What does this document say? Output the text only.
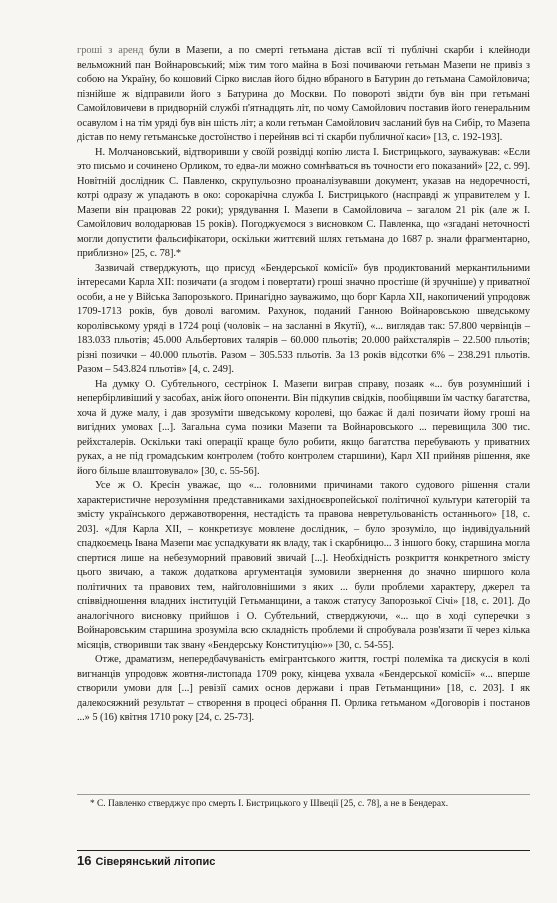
гроші з аренд були в Мазепи, а по смерті гетьмана дістав всії ті публічні скарби і клейноди вельможний пан Войнаровський; між тим того майна в Бозі почиваючи гетьман Мазепи не привіз з собою на Україну, бо кошовий Сірко вислав його бідно вбраного в Батурин до гетьмана Самойловича; пізнійше ж відправили його з Батурина до Москви. По повороті звідти був він при гетьмані Самойловичеви в придворній службі п'ятнадцять літ, по чому Самойлович поставив його генеральним осавулом і на тім уряді був він шість літ; а коли гетьман Самойлович засланий був на Сибір, то Мазепа дістав по нему гетьманське достоїнство і перейняв всі ті скарби публичної каси» [13, с. 192-193].

Н. Молчановський, відтворивши у своїй розвідці копію листа І. Бистрицького, зауважував: «Если это письмо и сочинено Орликом, то едва-ли можно сомнѣваться въ точности его показаний» [22, с. 99]. Новітній дослідник С. Павленко, скрупульозно проаналізувавши документ, указав на недоречності, котрі одразу ж упадають в око: сорокарічна служба І. Бистрицького (насправді ж управителем у І. Мазепи він працював 22 роки); урядування І. Мазепи в Самойловича – загалом 21 рік (але ж І. Самойлович володарював 15 років). Погоджуємося з висновком С. Павленка, що «згадані неточності могли допустити фальсифікатори, оскільки життєвий шлях гетьмана до 1687 р. знали фрагментарно, приблизно» [25, с. 78].*

Зазвичай стверджують, що присуд «Бендерської комісії» був продиктований меркантильними інтересами Карла ХІІ: позичати (а згодом і повертати) гроші значно простіше (й зручніше) у приватної особи, а не у Війська Запорозького. Принагідно зауважимо, що борг Карла ХІІ, накопичений упродовж 1709-1713 років, був доволі вагомим. Рахунок, поданий Ганною Войнаровською шведському королівському уряді в 1724 році (чоловік – на засланні в Якутії), «... виглядав так: 57.800 червінців – 183.033 пльотів; 45.000 Альбертових талярів – 60.000 пльотів; 20.000 райхсталярів – 22.500 пльотів; різні позички – 40.000 пльотів. Разом – 305.533 пльотів. За 13 років відсотки 6% – 238.291 пльотів. Разом – 543.824 пльотів» [4, с. 249].

На думку О. Субтельного, сестрінок І. Мазепи виграв справу, позаяк «... був розумніший і непербірливіший у засобах, аніж його опоненти. Він підкупив свідків, пообіцявши їм частку багатства, хоча й дуже малу, і дав зрозуміти шведському королеві, що бажає й далі позичати йому гроші на вигідних умовах [...]. Загальна сума позики Мазепи та Войнаровського ... перевищила 300 тис. рейхсталерів. Оскільки такі операції краще було робити, якщо багатства перебувають у приватних руках, а не під громадським контролем (тобто контролем старшини), Карл ХІІ прийняв рішення, яке його більше влаштовувало» [30, с. 55-56].

Усе ж О. Кресін уважає, що «... головними причинами такого судового рішення стали характеристичне нерозуміння представниками західноєвропейської політичної культури категорій та змісту українського державотворення, нестадість та правова невретульованість останнього» [18, с. 203]. «Для Карла ХІІ, – конкретизує мовлене дослідник, – було зрозуміло, що індивідуальний спадкоємець Івана Мазепи має успадкувати як владу, так і скарбницю... З іншого боку, старшина могла спертися лише на небезуморний правовий звичай [...]. Необхідність розкриття конкретного змісту цього звичаю, а також додаткова аргументація зумовили звернення до значно ширшого кола політичних та правових тем, найголовнішими з яких ... були проблеми характеру, джерел та співвідношення владних інституцій Гетьманщини, а також статусу Запорозької Січі» [18, с. 201]. До аналогічного висновку прийшов і О. Субтельний, стверджуючи, «... що в ході суперечки з Войнаровським старшина зрозуміла всю складність проблеми й спробувала розв'язати її через кілька місяців, створивши так звану «Бендерську Конституцію»» [30, с. 54-55].

Отже, драматизм, непередбачуваність емігрантського життя, гострі полеміка та дискусія в колі вигнанців упродовж жовтня-листопада 1709 року, кінцева ухвала «Бендерської комісії» «... вперше створили умови для [...] ревізії самих основ держави і прав Гетьманщини» [18, с. 203]. І як далекосяжний результат – створення в процесі обрання П. Орлика гетьманом «Договорів і постанов ...» 5 (16) квітня 1710 року [24, с. 25-73].

* С. Павленко стверджує про смерть І. Бистрицького у Швеції [25, с. 78], а не в Бендерах.
16 Сіверянський літопис
